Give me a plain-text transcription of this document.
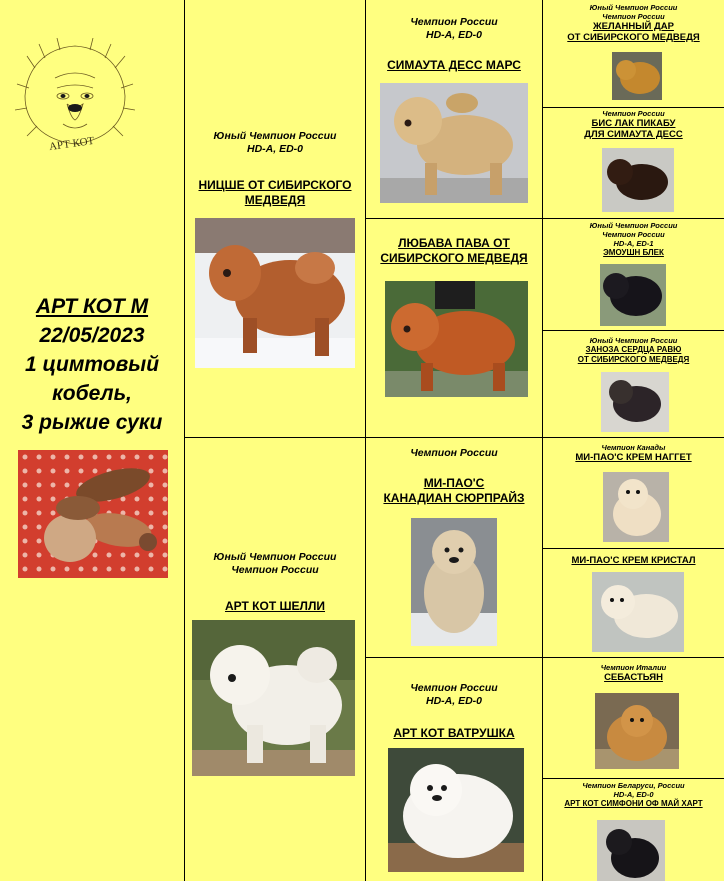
АРТ КОТ
АРТ КОТ М
22/05/2023
1 цимтовый
кобель,
3 рыжие суки
Юный Чемпион России
HD-A, ED-0
НИЦШЕ ОТ СИБИРСКОГО
МЕДВЕДЯ
Юный Чемпион России
Чемпион России
АРТ КОТ ШЕЛЛИ
Чемпион России
HD-A, ED-0
СИМАУТА ДЕСС МАРС
ЛЮБАВА ПАВА ОТ
СИБИРСКОГО МЕДВЕДЯ
Чемпион России
МИ-ПАО'С
КАНАДИАН СЮРПРАЙЗ
Чемпион России
HD-A, ED-0
АРТ КОТ ВАТРУШКА
Юный Чемпион России
Чемпион России
ЖЕЛАННЫЙ ДАР
ОТ СИБИРСКОГО МЕДВЕДЯ
Чемпион России
БИС ЛАК ПИКАБУ
ДЛЯ СИМАУТА ДЕСС
Юный Чемпион России
Чемпион России
HD-A, ED-1
ЭМОУШН БЛЕК
Юный Чемпион России
ЗАНОЗА СЕРДЦА РАВЮ
ОТ СИБИРСКОГО МЕДВЕДЯ
Чемпион Канады
МИ-ПАО'С КРЕМ НАГГЕТ
МИ-ПАО'С КРЕМ КРИСТАЛ
Чемпион Италии
СЕБАСТЬЯН
Чемпион Беларуси, России
HD-A, ED-0
АРТ КОТ СИМФОНИ ОФ МАЙ ХАРТ
